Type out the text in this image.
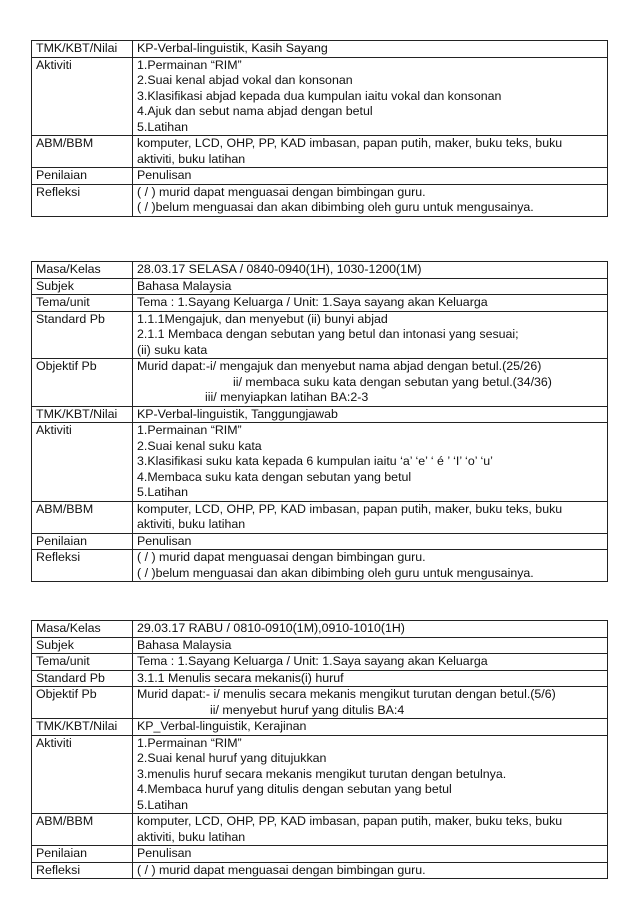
TMK/KBT/Nilai	KP-Verbal-linguistik, Kasih Sayang

Aktiviti	1.Permainan “RIM”
2.Suai kenal abjad vokal dan konsonan
3.Klasifikasi abjad kepada dua kumpulan iaitu vokal dan konsonan
4.Ajuk dan sebut nama abjad dengan betul
5.Latihan

ABM/BBM	komputer, LCD, OHP, PP, KAD imbasan, papan putih, maker, buku teks, buku
aktiviti, buku latihan

Penilaian	Penulisan

Refleksi	( / ) murid dapat menguasai dengan bimbingan guru.
( / )belum menguasai dan akan dibimbing oleh guru untuk mengusainya.
Masa/Kelas	28.03.17 SELASA / 0840-0940(1H), 1030-1200(1M)

Subjek	Bahasa Malaysia

Tema/unit	Tema : 1.Sayang Keluarga / Unit: 1.Saya sayang akan Keluarga

Standard Pb	1.1.1Mengajuk, dan menyebut (ii) bunyi abjad
2.1.1 Membaca dengan sebutan yang betul dan intonasi yang sesuai;
(ii) suku kata

Objektif Pb	Murid dapat:-i/ mengajuk dan menyebut nama abjad dengan betul.(25/26)
ii/ membaca suku kata dengan sebutan yang betul.(34/36)
iii/ menyiapkan latihan BA:2-3

TMK/KBT/Nilai	KP-Verbal-linguistik, Tanggungjawab

Aktiviti	1.Permainan “RIM”
2.Suai kenal suku kata
3.Klasifikasi suku kata kepada 6 kumpulan iaitu ‘a’ ‘e’ ‘ é ’ ‘I’ ‘o’ ‘u’
4.Membaca suku kata dengan sebutan yang betul
5.Latihan

ABM/BBM	komputer, LCD, OHP, PP, KAD imbasan, papan putih, maker, buku teks, buku
aktiviti, buku latihan

Penilaian	Penulisan

Refleksi	( / ) murid dapat menguasai dengan bimbingan guru.
( / )belum menguasai dan akan dibimbing oleh guru untuk mengusainya.
Masa/Kelas	29.03.17 RABU / 0810-0910(1M),0910-1010(1H)

Subjek	Bahasa Malaysia

Tema/unit	Tema : 1.Sayang Keluarga / Unit: 1.Saya sayang akan Keluarga

Standard Pb	3.1.1 Menulis secara mekanis(i) huruf

Objektif Pb	Murid dapat:- i/ menulis secara mekanis mengikut turutan dengan betul.(5/6)
ii/ menyebut huruf yang ditulis BA:4

TMK/KBT/Nilai	KP_Verbal-linguistik, Kerajinan

Aktiviti	1.Permainan “RIM”
2.Suai kenal huruf yang ditujukkan
3.menulis huruf secara mekanis mengikut turutan dengan betulnya.
4.Membaca huruf yang ditulis dengan sebutan yang betul
5.Latihan

ABM/BBM	komputer, LCD, OHP, PP, KAD imbasan, papan putih, maker, buku teks, buku
aktiviti, buku latihan

Penilaian	Penulisan

Refleksi	( / ) murid dapat menguasai dengan bimbingan guru.
